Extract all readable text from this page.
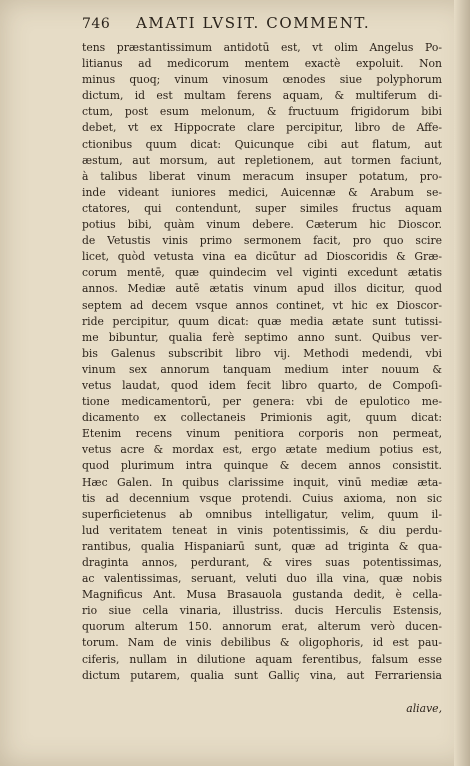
746 AMATI LVSIT. COMMENT.
tens præstantissimum antidotū est, vt olim Angelus Po-
litianus ad medicorum mentem exactè expoluit. Non
minus quoq; vinum vinosum œnodes siue polyphorum
dictum, id est multam ferens aquam, & multiferum di-
ctum, post esum melonum, & fructuum frigidorum bibi
debet, vt ex Hippocrate clare percipitur, libro de Affe-
ctionibus quum dicat: Quicunque cibi aut flatum, aut
æstum, aut morsum, aut repletionem, aut tormen faciunt,
à talibus liberat vinum meracum insuper potatum, pro-
inde videant iuniores medici, Auicennæ & Arabum se-
ctatores, qui contendunt, super similes fructus aquam
potius bibi, quàm vinum debere. Cæterum hic Dioscor.
de Vetustis vinis primo sermonem facit, pro quo scire
licet, quòd vetusta vina ea dicūtur ad Dioscoridis & Græ-
corum mentē, quæ quindecim vel viginti excedunt ætatis
annos. Mediæ autē ætatis vinum apud illos dicitur, quod
septem ad decem vsque annos continet, vt hic ex Dioscor-
ride percipitur, quum dicat: quæ media ætate sunt tutissi-
me bibuntur, qualia ferè septimo anno sunt. Quibus ver-
bis Galenus subscribit libro vij. Methodi medendi, vbi
vinum sex annorum tanquam medium inter nouum &
vetus laudat, quod idem fecit libro quarto, de Compoſi-
tione medicamentorū, per genera: vbi de epulotico me-
dicamento ex collectaneis Primionis agit, quum dicat:
Etenim recens vinum penitiora corporis non permeat,
vetus acre & mordax est, ergo ætate medium potius est,
quod plurimum intra quinque & decem annos consistit.
Hæc Galen. In quibus clarissime inquit, vinū mediæ æta-
tis ad decennium vsque protendi. Cuius axioma, non sic
superficietenus ab omnibus intelligatur, velim, quum il-
lud veritatem teneat in vinis potentissimis, & diu perdu-
rantibus, qualia Hispaniarū sunt, quæ ad triginta & qua-
draginta annos, perdurant, & vires suas potentissimas,
ac valentissimas, seruant, veluti duo illa vina, quæ nobis
Magnificus Ant. Musa Brasauola gustanda dedit, è cella-
rio siue cella vinaria, illustriss. ducis Herculis Estensis,
quorum alterum 150. annorum erat, alterum verò ducen-
torum. Nam de vinis debilibus & oligophoris, id est pau-
ciferis, nullam in dilutione aquam ferentibus, falsum esse
dictum putarem, qualia sunt Galliç vina, aut Ferrariensia
aliave,
